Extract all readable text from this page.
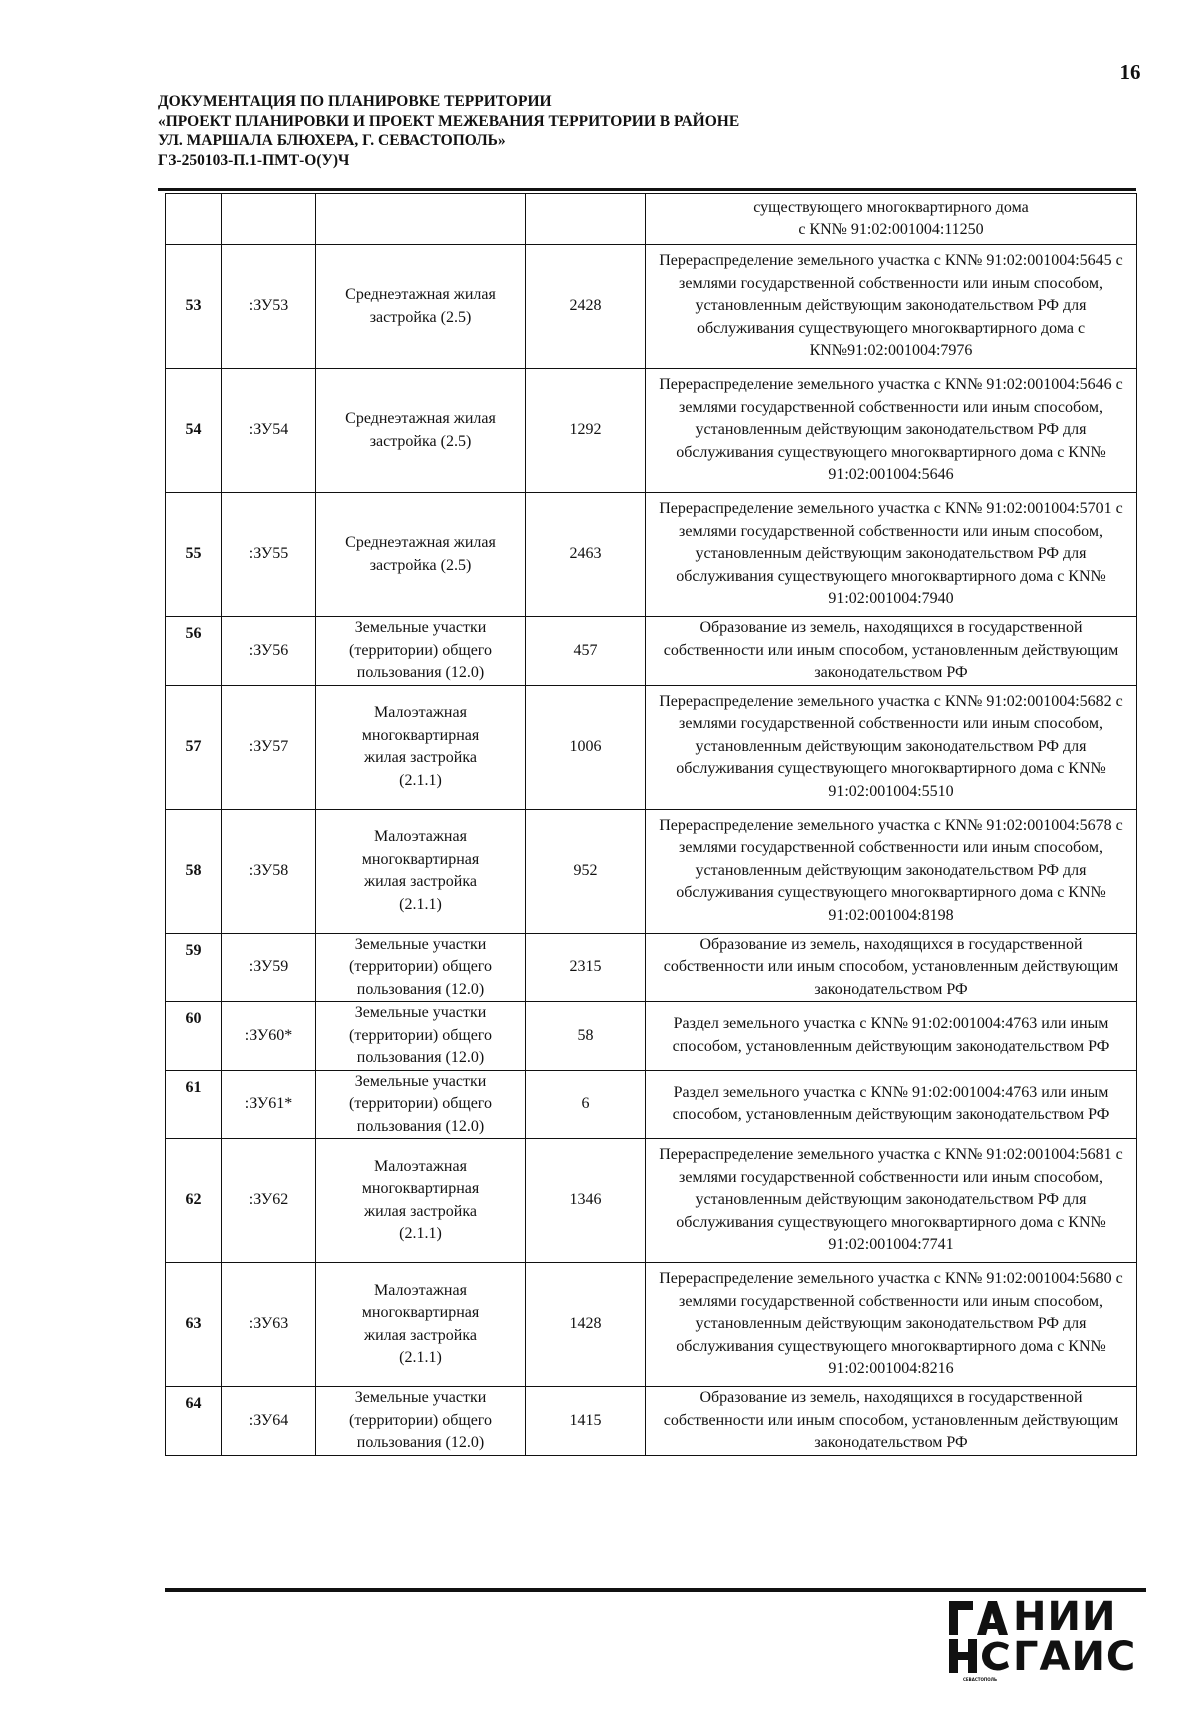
16
ДОКУМЕНТАЦИЯ ПО ПЛАНИРОВКЕ ТЕРРИТОРИИ
«ПРОЕКТ ПЛАНИРОВКИ И ПРОЕКТ МЕЖЕВАНИЯ ТЕРРИТОРИИ В РАЙОНЕ
УЛ. МАРШАЛА БЛЮХЕРА, Г. СЕВАСТОПОЛЬ»
ГЗ-250103-П.1-ПМТ-О(У)Ч
				существующего многоквартирного дома
с КN№ 91:02:001004:11250
53	:ЗУ53	Среднеэтажная жилая застройка (2.5)	2428	Перераспределение земельного участка с КN№ 91:02:001004:5645 с землями государственной собственности или иным способом, установленным действующим законодательством РФ для обслуживания существующего многоквартирного дома с КN№91:02:001004:7976
54	:ЗУ54	Среднеэтажная жилая застройка (2.5)	1292	Перераспределение земельного участка с КN№ 91:02:001004:5646 с землями государственной собственности или иным способом, установленным действующим законодательством РФ для обслуживания существующего многоквартирного дома с КN№ 91:02:001004:5646
55	:ЗУ55	Среднеэтажная жилая застройка (2.5)	2463	Перераспределение земельного участка с КN№ 91:02:001004:5701 с землями государственной собственности или иным способом, установленным действующим законодательством РФ для обслуживания существующего многоквартирного дома с КN№ 91:02:001004:7940
56	:ЗУ56	Земельные участки (территории) общего пользования (12.0)	457	Образование из земель, находящихся в государственной собственности или иным способом, установленным действующим законодательством РФ
57	:ЗУ57	Малоэтажная многоквартирная жилая застройка (2.1.1)	1006	Перераспределение земельного участка с КN№ 91:02:001004:5682 с землями государственной собственности или иным способом, установленным действующим законодательством РФ для обслуживания существующего многоквартирного дома с КN№ 91:02:001004:5510
58	:ЗУ58	Малоэтажная многоквартирная жилая застройка (2.1.1)	952	Перераспределение земельного участка с КN№ 91:02:001004:5678 с землями государственной собственности или иным способом, установленным действующим законодательством РФ для обслуживания существующего многоквартирного дома с КN№ 91:02:001004:8198
59	:ЗУ59	Земельные участки (территории) общего пользования (12.0)	2315	Образование из земель, находящихся в государственной собственности или иным способом, установленным действующим законодательством РФ
60	:ЗУ60*	Земельные участки (территории) общего пользования (12.0)	58	Раздел земельного участка с КN№ 91:02:001004:4763 или иным способом, установленным действующим законодательством РФ
61	:ЗУ61*	Земельные участки (территории) общего пользования (12.0)	6	Раздел земельного участка с КN№ 91:02:001004:4763 или иным способом, установленным действующим законодательством РФ
62	:ЗУ62	Малоэтажная многоквартирная жилая застройка (2.1.1)	1346	Перераспределение земельного участка с КN№ 91:02:001004:5681 с землями государственной собственности или иным способом, установленным действующим законодательством РФ для обслуживания существующего многоквартирного дома с КN№ 91:02:001004:7741
63	:ЗУ63	Малоэтажная многоквартирная жилая застройка (2.1.1)	1428	Перераспределение земельного участка с КN№ 91:02:001004:5680 с землями государственной собственности или иным способом, установленным действующим законодательством РФ для обслуживания существующего многоквартирного дома с КN№ 91:02:001004:8216
64	:ЗУ64	Земельные участки (территории) общего пользования (12.0)	1415	Образование из земель, находящихся в государственной собственности или иным способом, установленным действующим законодательством РФ
НИИ
ГАИС
СЕВАСТОПОЛЬ
